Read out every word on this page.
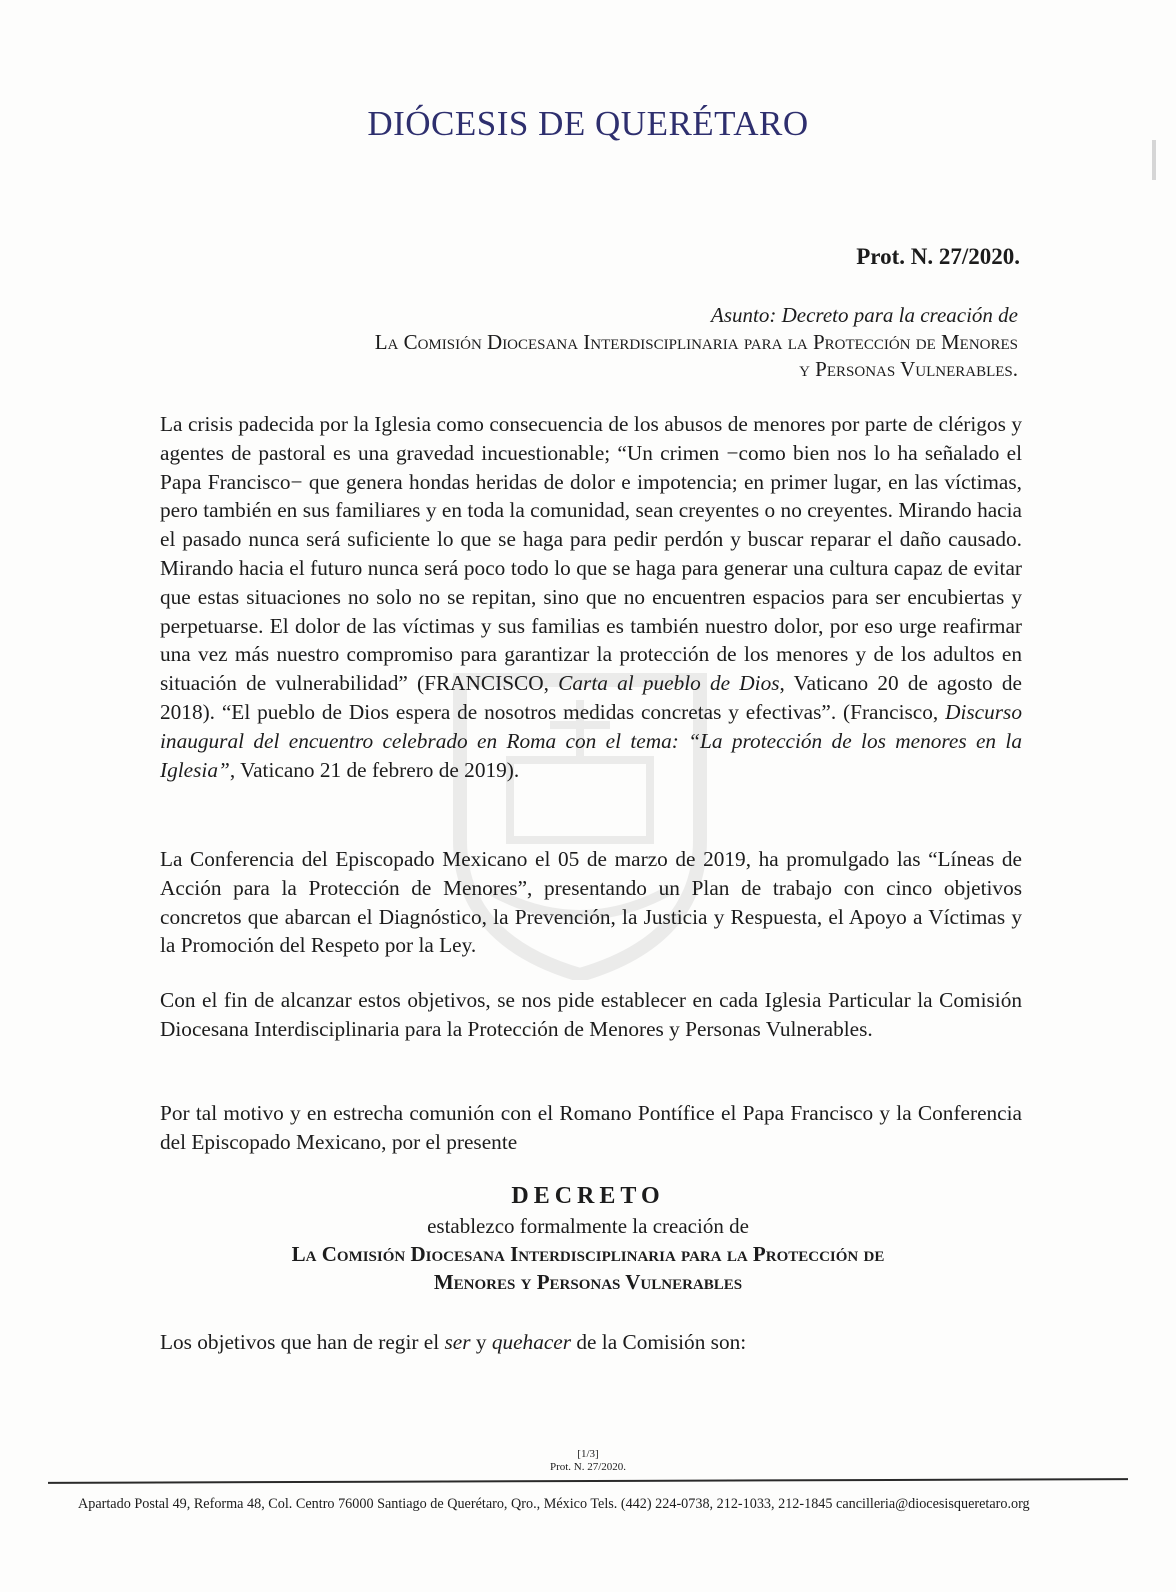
DIÓCESIS DE QUERÉTARO
Prot. N. 27/2020.
Asunto: Decreto para la creación de
La Comisión Diocesana Interdisciplinaria para la Protección de Menores
y Personas Vulnerables.
La crisis padecida por la Iglesia como consecuencia de los abusos de menores por parte de clérigos y agentes de pastoral es una gravedad incuestionable; “Un crimen −como bien nos lo ha señalado el Papa Francisco− que genera hondas heridas de dolor e impotencia; en primer lugar, en las víctimas, pero también en sus familiares y en toda la comunidad, sean creyentes o no creyentes. Mirando hacia el pasado nunca será suficiente lo que se haga para pedir perdón y buscar reparar el daño causado. Mirando hacia el futuro nunca será poco todo lo que se haga para generar una cultura capaz de evitar que estas situaciones no solo no se repitan, sino que no encuentren espacios para ser encubiertas y perpetuarse. El dolor de las víctimas y sus familias es también nuestro dolor, por eso urge reafirmar una vez más nuestro compromiso para garantizar la protección de los menores y de los adultos en situación de vulnerabilidad” (FRANCISCO, Carta al pueblo de Dios, Vaticano 20 de agosto de 2018). “El pueblo de Dios espera de nosotros medidas concretas y efectivas”. (Francisco, Discurso inaugural del encuentro celebrado en Roma con el tema: “La protección de los menores en la Iglesia”, Vaticano 21 de febrero de 2019).
La Conferencia del Episcopado Mexicano el 05 de marzo de 2019, ha promulgado las “Líneas de Acción para la Protección de Menores”, presentando un Plan de trabajo con cinco objetivos concretos que abarcan el Diagnóstico, la Prevención, la Justicia y Respuesta, el Apoyo a Víctimas y la Promoción del Respeto por la Ley.
Con el fin de alcanzar estos objetivos, se nos pide establecer en cada Iglesia Particular la Comisión Diocesana Interdisciplinaria para la Protección de Menores y Personas Vulnerables.
Por tal motivo y en estrecha comunión con el Romano Pontífice el Papa Francisco y la Conferencia del Episcopado Mexicano, por el presente
DECRETO
establezco formalmente la creación de
La Comisión Diocesana Interdisciplinaria para la Protección de
Menores y Personas Vulnerables
Los objetivos que han de regir el ser y quehacer de la Comisión son:
[1/3]
Prot. N. 27/2020.
Apartado Postal 49, Reforma 48, Col. Centro 76000 Santiago de Querétaro, Qro., México Tels. (442) 224-0738, 212-1033, 212-1845 cancilleria@diocesisqueretaro.org
